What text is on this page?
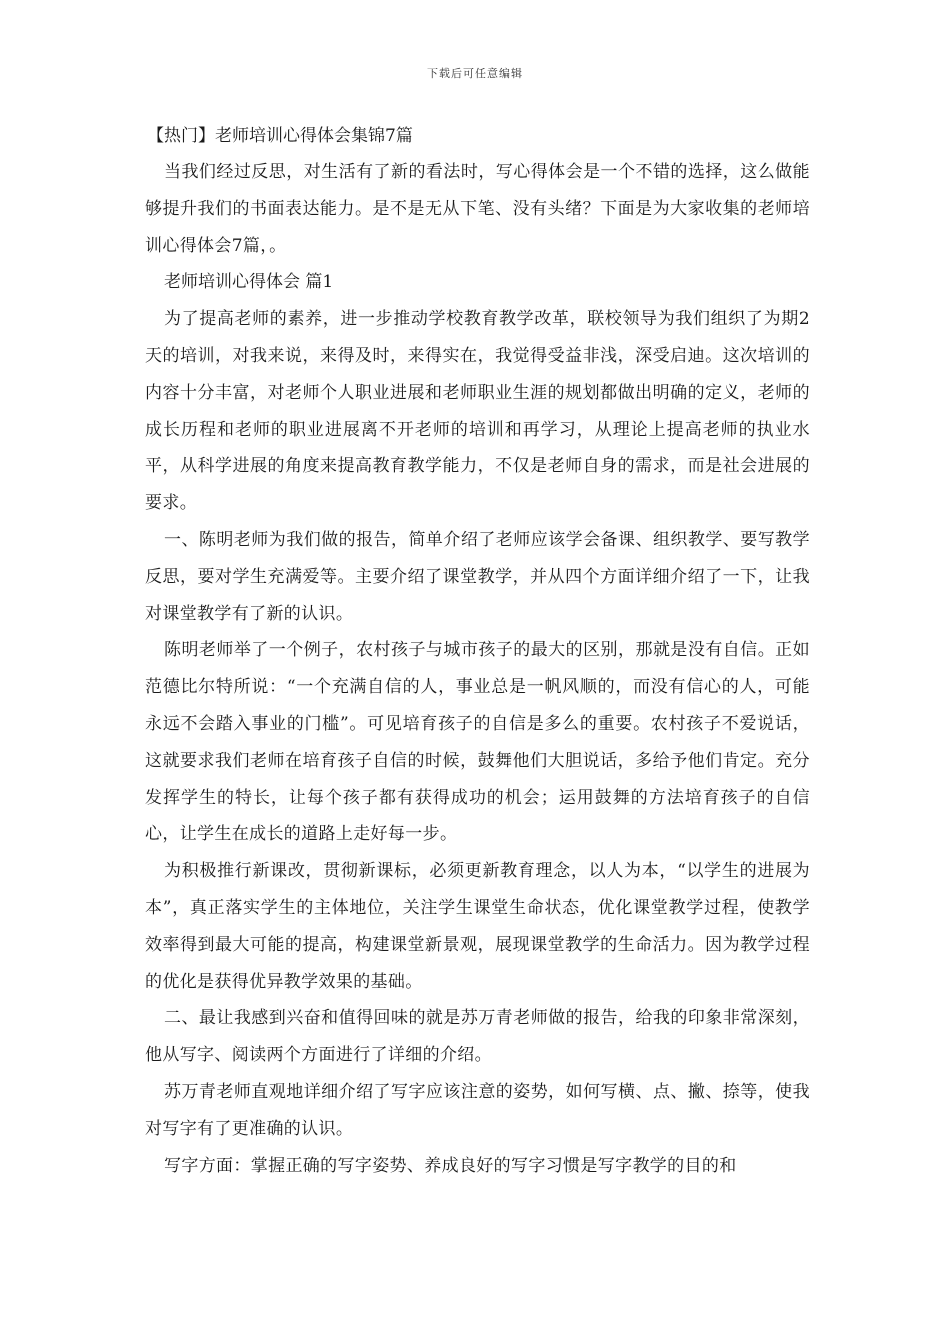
下载后可任意编辑
【热门】老师培训心得体会集锦7篇

当我们经过反思，对生活有了新的看法时，写心得体会是一个不错的选择，这么做能够提升我们的书面表达能力。是不是无从下笔、没有头绪？下面是为大家收集的老师培训心得体会7篇，。

老师培训心得体会 篇1

为了提高老师的素养，进一步推动学校教育教学改革，联校领导为我们组织了为期2天的培训，对我来说，来得及时，来得实在，我觉得受益非浅，深受启迪。这次培训的内容十分丰富，对老师个人职业进展和老师职业生涯的规划都做出明确的定义，老师的成长历程和老师的职业进展离不开老师的培训和再学习，从理论上提高老师的执业水平，从科学进展的角度来提高教育教学能力，不仅是老师自身的需求，而是社会进展的要求。

一、陈明老师为我们做的报告，简单介绍了老师应该学会备课、组织教学、要写教学反思，要对学生充满爱等。主要介绍了课堂教学，并从四个方面详细介绍了一下，让我对课堂教学有了新的认识。

陈明老师举了一个例子，农村孩子与城市孩子的最大的区别，那就是没有自信。正如范德比尔特所说：“一个充满自信的人，事业总是一帆风顺的，而没有信心的人，可能永远不会踏入事业的门槛”。可见培育孩子的自信是多么的重要。农村孩子不爱说话，这就要求我们老师在培育孩子自信的时候，鼓舞他们大胆说话，多给予他们肯定。充分发挥学生的特长，让每个孩子都有获得成功的机会；运用鼓舞的方法培育孩子的自信心，让学生在成长的道路上走好每一步。

为积极推行新课改，贯彻新课标，必须更新教育理念，以人为本，“以学生的进展为本”，真正落实学生的主体地位，关注学生课堂生命状态，优化课堂教学过程，使教学效率得到最大可能的提高，构建课堂新景观，展现课堂教学的生命活力。因为教学过程的优化是获得优异教学效果的基础。

二、最让我感到兴奋和值得回味的就是苏万青老师做的报告，给我的印象非常深刻，他从写字、阅读两个方面进行了详细的介绍。

苏万青老师直观地详细介绍了写字应该注意的姿势，如何写横、点、撇、捺等，使我对写字有了更准确的认识。

写字方面：掌握正确的写字姿势、养成良好的写字习惯是写字教学的目的和
